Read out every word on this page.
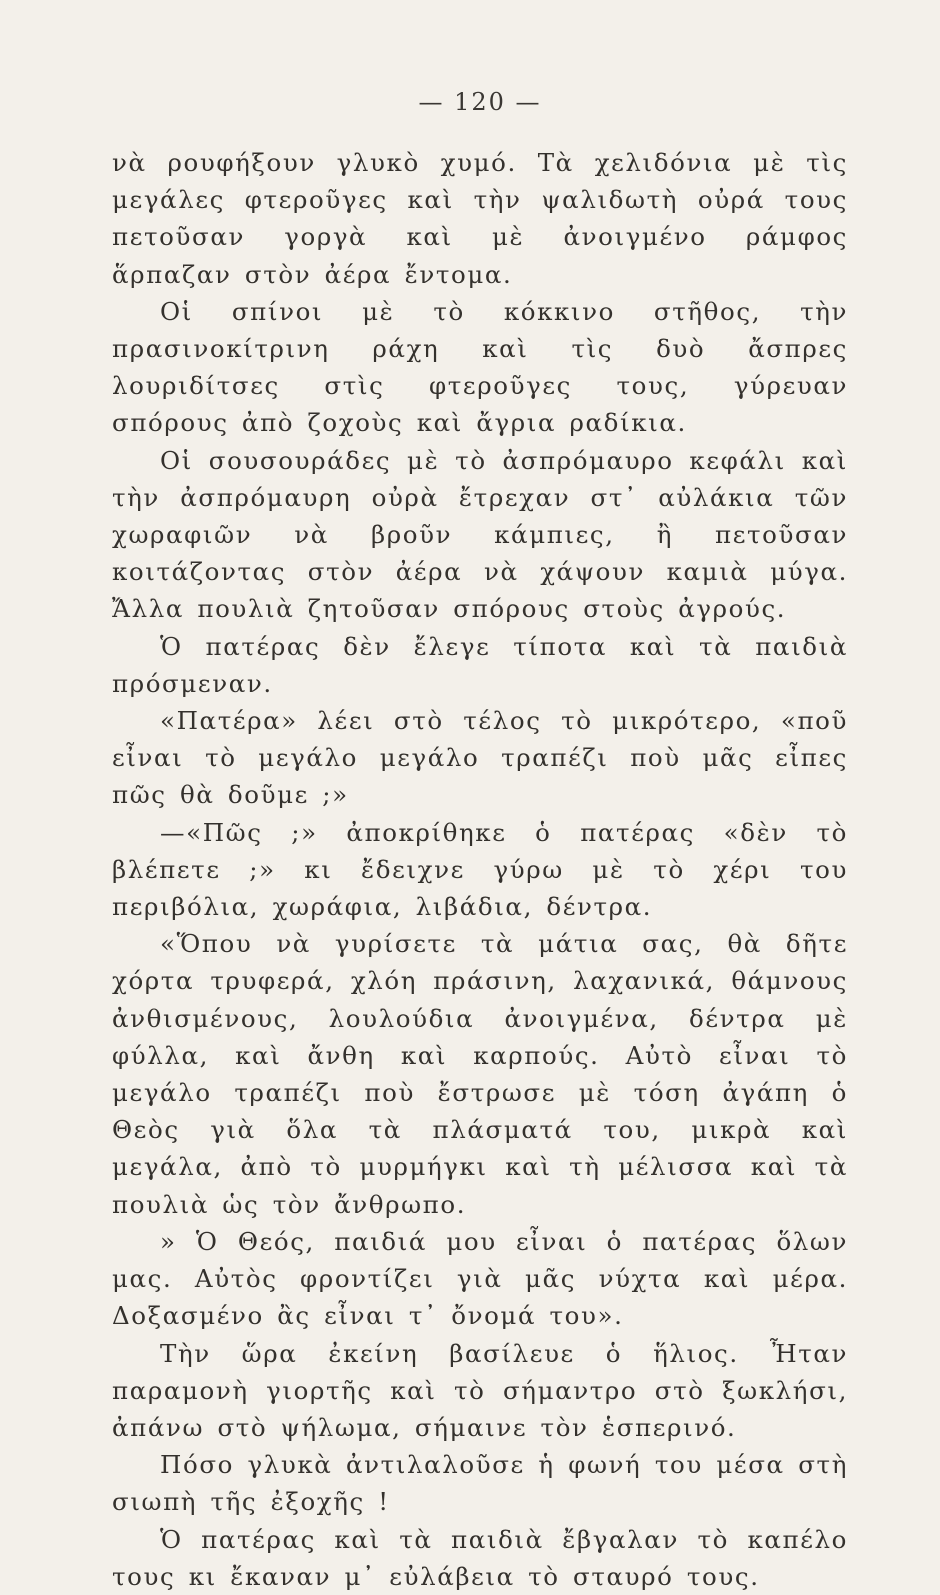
— 120 —

νὰ ρουφήξουν γλυκὸ χυμό. Τὰ χελιδόνια μὲ τὶς μεγάλες φτεροῦγες καὶ τὴν ψαλιδωτὴ οὐρά τους πετοῦσαν γοργὰ καὶ μὲ ἀνοιγμένο ράμφος ἅρπαζαν στὸν ἀέρα ἔντομα.

Οἱ σπίνοι μὲ τὸ κόκκινο στῆθος, τὴν πρασινοκίτρινη ράχη καὶ τὶς δυὸ ἄσπρες λουριδίτσες στὶς φτεροῦγες τους, γύρευαν σπόρους ἀπὸ ζοχοὺς καὶ ἄγρια ραδίκια.

Οἱ σουσουράδες μὲ τὸ ἀσπρόμαυρο κεφάλι καὶ τὴν ἀσπρόμαυρη οὐρὰ ἔτρεχαν στ᾽ αὐλάκια τῶν χωραφιῶν νὰ βροῦν κάμπιες, ἢ πετοῦσαν κοιτάζοντας στὸν ἀέρα νὰ χάψουν καμιὰ μύγα. Ἄλλα πουλιὰ ζητοῦσαν σπόρους στοὺς ἀγρούς.

Ὁ πατέρας δὲν ἔλεγε τίποτα καὶ τὰ παιδιὰ πρόσμεναν.

«Πατέρα» λέει στὸ τέλος τὸ μικρότερο, «ποῦ εἶναι τὸ μεγάλο μεγάλο τραπέζι ποὺ μᾶς εἶπες πῶς θὰ δοῦμε ;»

—«Πῶς ;» ἀποκρίθηκε ὁ πατέρας «δὲν τὸ βλέπετε ;» κι ἔδειχνε γύρω μὲ τὸ χέρι του περιβόλια, χωράφια, λιβάδια, δέντρα.

«Ὅπου νὰ γυρίσετε τὰ μάτια σας, θὰ δῆτε χόρτα τρυφερά, χλόη πράσινη, λαχανικά, θάμνους ἀνθισμένους, λουλούδια ἀνοιγμένα, δέντρα μὲ φύλλα, καὶ ἄνθη καὶ καρπούς. Αὐτὸ εἶναι τὸ μεγάλο τραπέζι ποὺ ἔστρωσε μὲ τόση ἀγάπη ὁ Θεὸς γιὰ ὅλα τὰ πλάσματά του, μικρὰ καὶ μεγάλα, ἀπὸ τὸ μυρμήγκι καὶ τὴ μέλισσα καὶ τὰ πουλιὰ ὡς τὸν ἄνθρωπο.

» Ὁ Θεός, παιδιά μου εἶναι ὁ πατέρας ὅλων μας. Αὐτὸς φροντίζει γιὰ μᾶς νύχτα καὶ μέρα. Δοξασμένο ἂς εἶναι τ᾽ ὄνομά του».

Τὴν ὥρα ἐκείνη βασίλευε ὁ ἥλιος. Ἦταν παραμονὴ γιορτῆς καὶ τὸ σήμαντρο στὸ ξωκλήσι, ἀπάνω στὸ ψήλωμα, σήμαινε τὸν ἑσπερινό.

Πόσο γλυκὰ ἀντιλαλοῦσε ἡ φωνή του μέσα στὴ σιωπὴ τῆς ἐξοχῆς !

Ὁ πατέρας καὶ τὰ παιδιὰ ἔβγαλαν τὸ καπέλο τους κι ἔκαναν μ᾽ εὐλάβεια τὸ σταυρό τους.
